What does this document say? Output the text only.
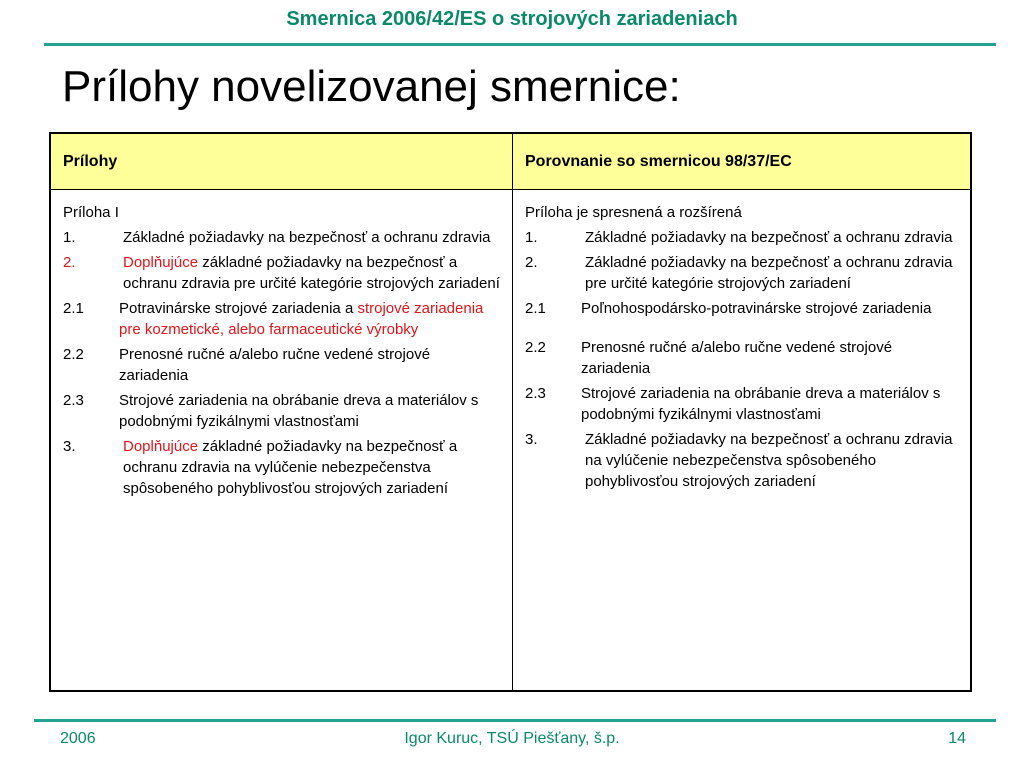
Smernica 2006/42/ES o strojových zariadeniach
Prílohy novelizovanej smernice:
Prílohy	Porovnanie so smernicou 98/37/EC
Príloha I
1.	Základné požiadavky na bezpečnosť a ochranu zdravia
2.	Doplňujúce základné požiadavky na bezpečnosť a ochranu zdravia pre určité kategórie strojových zariadení
2.1	Potravinárske strojové zariadenia a strojové zariadenia pre kozmetické, alebo farmaceutické výrobky
2.2	Prenosné ručné a/alebo ručne vedené strojové zariadenia
2.3	Strojové zariadenia na obrábanie dreva a materiálov s podobnými fyzikálnymi vlastnosťami
3.	Doplňujúce základné požiadavky na bezpečnosť a ochranu zdravia na vylúčenie nebezpečenstva spôsobeného pohyblivosťou strojových zariadení
Príloha je spresnená a rozšírená
1.	Základné požiadavky na bezpečnosť a ochranu zdravia
2.	Základné požiadavky na bezpečnosť a ochranu zdravia pre určité kategórie strojových zariadení
2.1	Poľnohospodársko-potravinárske strojové zariadenia
2.2	Prenosné ručné a/alebo ručne vedené strojové zariadenia
2.3	Strojové zariadenia na obrábanie dreva a materiálov s podobnými fyzikálnymi vlastnosťami
3.	Základné požiadavky na bezpečnosť a ochranu zdravia na vylúčenie nebezpečenstva spôsobeného pohyblivosťou strojových zariadení
2006	Igor Kuruc, TSÚ Piešťany, š.p.	14
